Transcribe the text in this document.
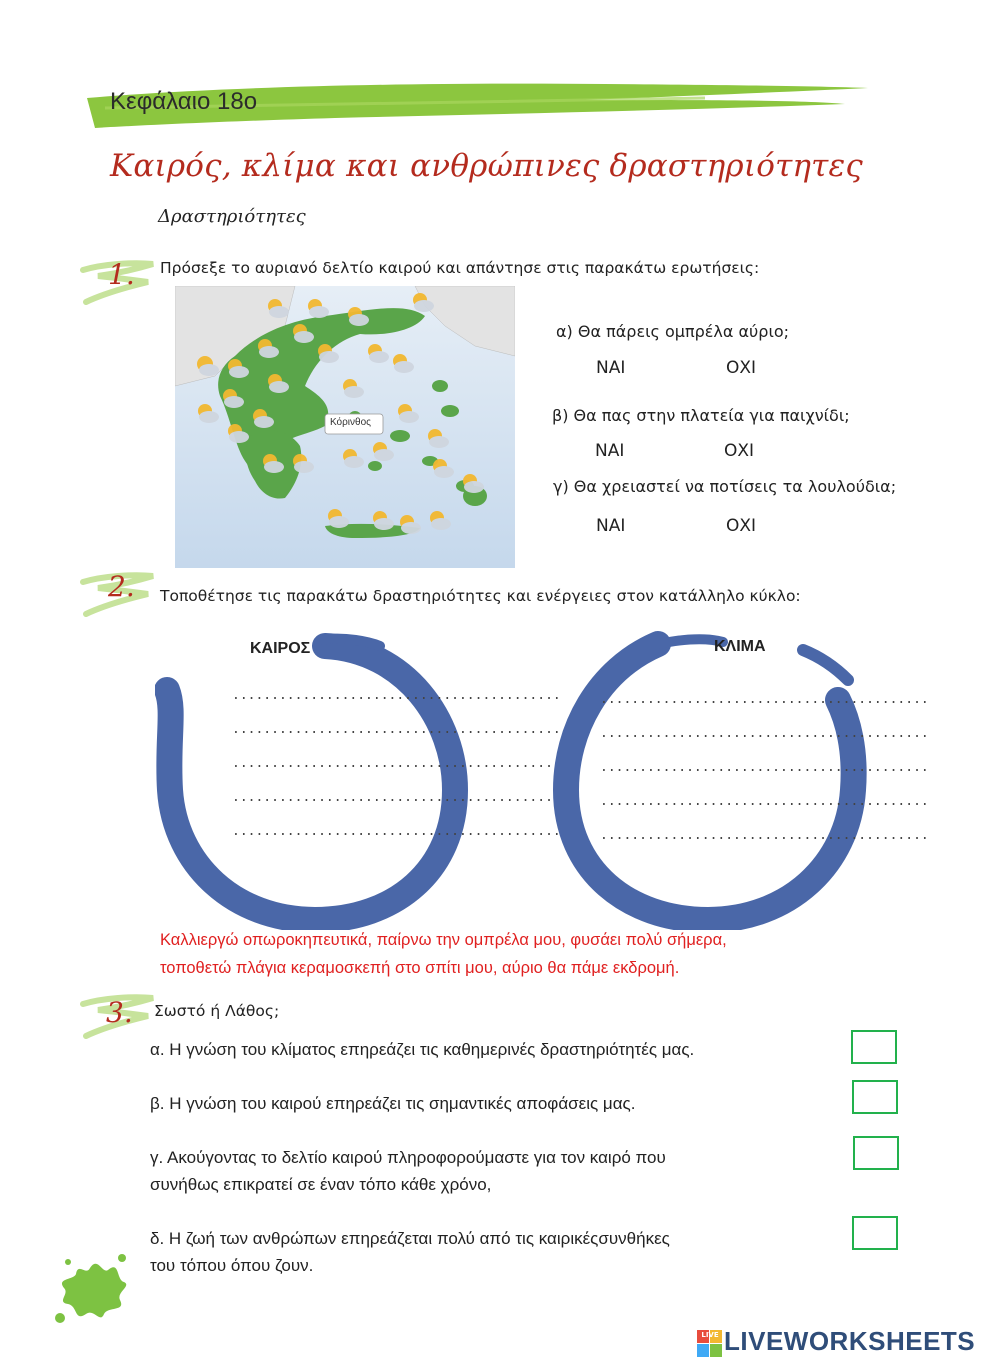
Κεφάλαιο 18ο
Καιρός, κλίμα και ανθρώπινες δραστηριότητες
Δραστηριότητες
1. Πρόσεξε το αυριανό δελτίο καιρού και απάντησε στις παρακάτω ερωτήσεις:
Κόρινθος
α) Θα πάρεις ομπρέλα αύριο;
ΝΑΙ	ΟΧΙ
β) Θα πας στην πλατεία για παιχνίδι;
ΝΑΙ	ΟΧΙ
γ) Θα χρειαστεί να ποτίσεις τα λουλούδια;
ΝΑΙ	ΟΧΙ
2. Τοποθέτησε τις παρακάτω δραστηριότητες και ενέργειες στον κατάλληλο κύκλο:
ΚΑΙΡΟΣ
..........................................
..........................................
..........................................
..........................................
..........................................
ΚΛΙΜΑ
..........................................
..........................................
..........................................
..........................................
..........................................
Καλλιεργώ οπωροκηπευτικά, παίρνω την ομπρέλα μου, φυσάει πολύ σήμερα,
τοποθετώ πλάγια κεραμοσκεπή στο σπίτι μου, αύριο θα πάμε εκδρομή.
3. Σωστό ή Λάθος;
α. Η γνώση του κλίματος επηρεάζει τις καθημερινές δραστηριότητές μας.
β. Η γνώση του καιρού επηρεάζει τις σημαντικές αποφάσεις μας.
γ. Ακούγοντας το δελτίο καιρού πληροφορούμαστε για τον καιρό που
συνήθως επικρατεί σε έναν τόπο κάθε χρόνο,
δ. Η ζωή των ανθρώπων επηρεάζεται πολύ από τις καιρικέςσυνθήκες
του τόπου όπου ζουν.
LIVE LIVEWORKSHEETS
